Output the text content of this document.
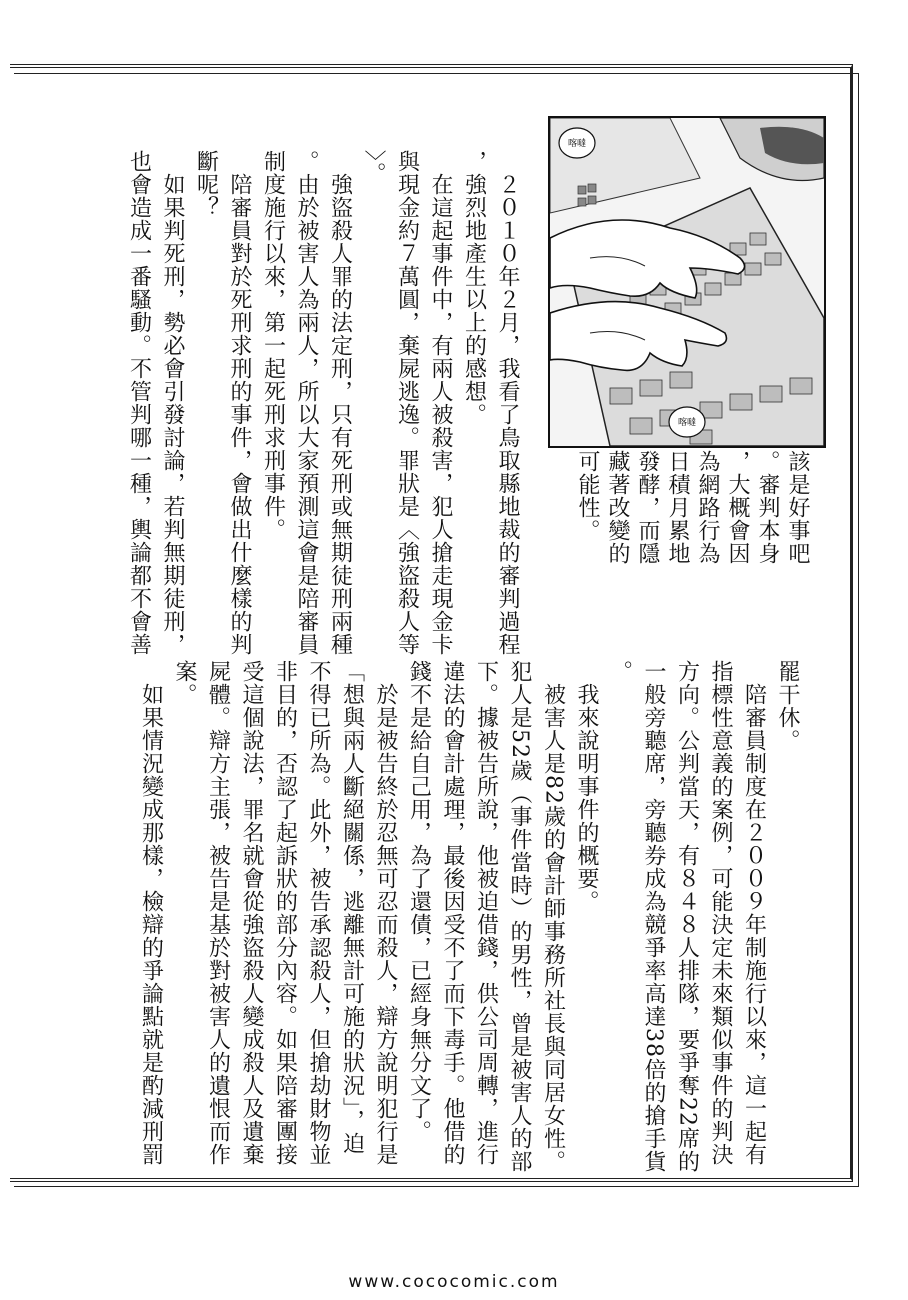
喀噠
喀噠
該是好事吧
。審判本身
，大概會因
為網路行為
日積月累地
發酵，而隱
藏著改變的
可能性。
　２０１０年２月，我看了鳥取縣地裁的審判過程
，強烈地產生以上的感想。
　在這起事件中，有兩人被殺害，犯人搶走現金卡
與現金約７萬圓，棄屍逃逸。罪狀是〈強盜殺人等
〉。
　強盜殺人罪的法定刑，只有死刑或無期徒刑兩種
。由於被害人為兩人，所以大家預測這會是陪審員
制度施行以來，第一起死刑求刑事件。
　陪審員對於死刑求刑的事件，會做出什麼樣的判
斷呢？
　如果判死刑，勢必會引發討論，若判無期徒刑，
也會造成一番騷動。不管判哪一種，輿論都不會善
罷干休。
　陪審員制度在２００９年制施行以來，這一起有
指標性意義的案例，可能決定未來類似事件的判決
方向。公判當天，有８４８人排隊，要爭奪22席的
一般旁聽席，旁聽券成為競爭率高達38倍的搶手貨
。
　我來說明事件的概要。
　被害人是82歲的會計師事務所社長與同居女性。
犯人是52歲（事件當時）的男性，曾是被害人的部
下。據被告所說，他被迫借錢，供公司周轉，進行
違法的會計處理，最後因受不了而下毒手。他借的
錢不是給自己用，為了還債，已經身無分文了。
　於是被告終於忍無可忍而殺人，辯方說明犯行是
「想與兩人斷絕關係，逃離無計可施的狀況」，迫
不得已所為。此外，被告承認殺人，但搶劫財物並
非目的，否認了起訴狀的部分內容。如果陪審團接
受這個說法，罪名就會從強盜殺人變成殺人及遺棄
屍體。辯方主張，被告是基於對被害人的遺恨而作
案。
　如果情況變成那樣，檢辯的爭論點就是酌減刑罰
www.cococomic.com
